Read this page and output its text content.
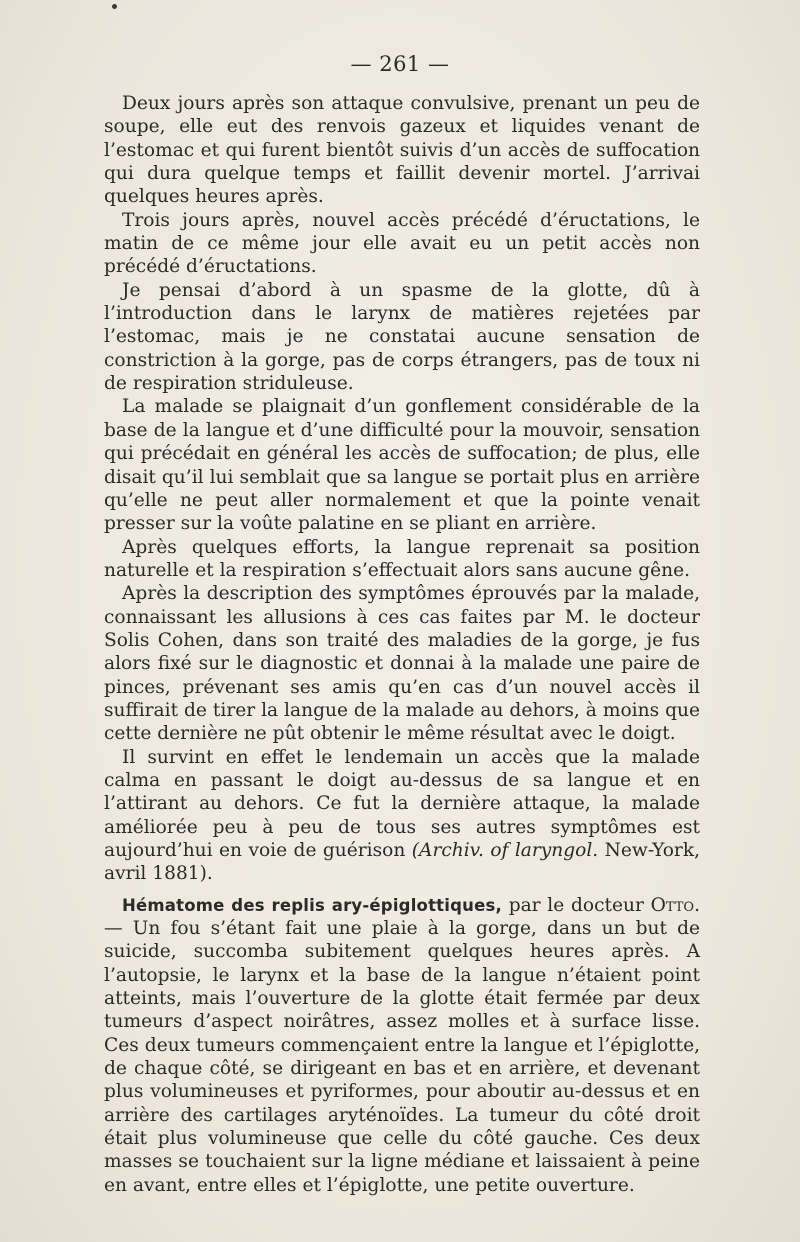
— 261 —

Deux jours après son attaque convulsive, prenant un peu de soupe, elle eut des renvois gazeux et liquides venant de l’estomac et qui furent bientôt suivis d’un accès de suffocation qui dura quelque temps et faillit devenir mortel. J’arrivai quelques heures après.

Trois jours après, nouvel accès précédé d’éructations, le matin de ce même jour elle avait eu un petit accès non précédé d’éructations.

Je pensai d’abord à un spasme de la glotte, dû à l’introduction dans le larynx de matières rejetées par l’estomac, mais je ne constatai aucune sensation de constriction à la gorge, pas de corps étrangers, pas de toux ni de respiration striduleuse.

La malade se plaignait d’un gonflement considérable de la base de la langue et d’une difficulté pour la mouvoir, sensation qui précédait en général les accès de suffocation; de plus, elle disait qu’il lui semblait que sa langue se portait plus en arrière qu’elle ne peut aller normalement et que la pointe venait presser sur la voûte palatine en se pliant en arrière.

Après quelques efforts, la langue reprenait sa position naturelle et la respiration s’effectuait alors sans aucune gêne.

Après la description des symptômes éprouvés par la malade, connaissant les allusions à ces cas faites par M. le docteur Solis Cohen, dans son traité des maladies de la gorge, je fus alors fixé sur le diagnostic et donnai à la malade une paire de pinces, prévenant ses amis qu’en cas d’un nouvel accès il suffirait de tirer la langue de la malade au dehors, à moins que cette dernière ne pût obtenir le même résultat avec le doigt.

Il survint en effet le lendemain un accès que la malade calma en passant le doigt au-dessus de sa langue et en l’attirant au dehors. Ce fut la dernière attaque, la malade améliorée peu à peu de tous ses autres symptômes est aujourd’hui en voie de guérison (Archiv. of laryngol. New-York, avril 1881).

Hématome des replis ary-épiglottiques, par le docteur Otto. — Un fou s’étant fait une plaie à la gorge, dans un but de suicide, succomba subitement quelques heures après. A l’autopsie, le larynx et la base de la langue n’étaient point atteints, mais l’ouverture de la glotte était fermée par deux tumeurs d’aspect noirâtres, assez molles et à surface lisse. Ces deux tumeurs commençaient entre la langue et l’épiglotte, de chaque côté, se dirigeant en bas et en arrière, et devenant plus volumineuses et pyriformes, pour aboutir au-dessus et en arrière des cartilages aryténoïdes. La tumeur du côté droit était plus volumineuse que celle du côté gauche. Ces deux masses se touchaient sur la ligne médiane et laissaient à peine en avant, entre elles et l’épiglotte, une petite ouverture.
